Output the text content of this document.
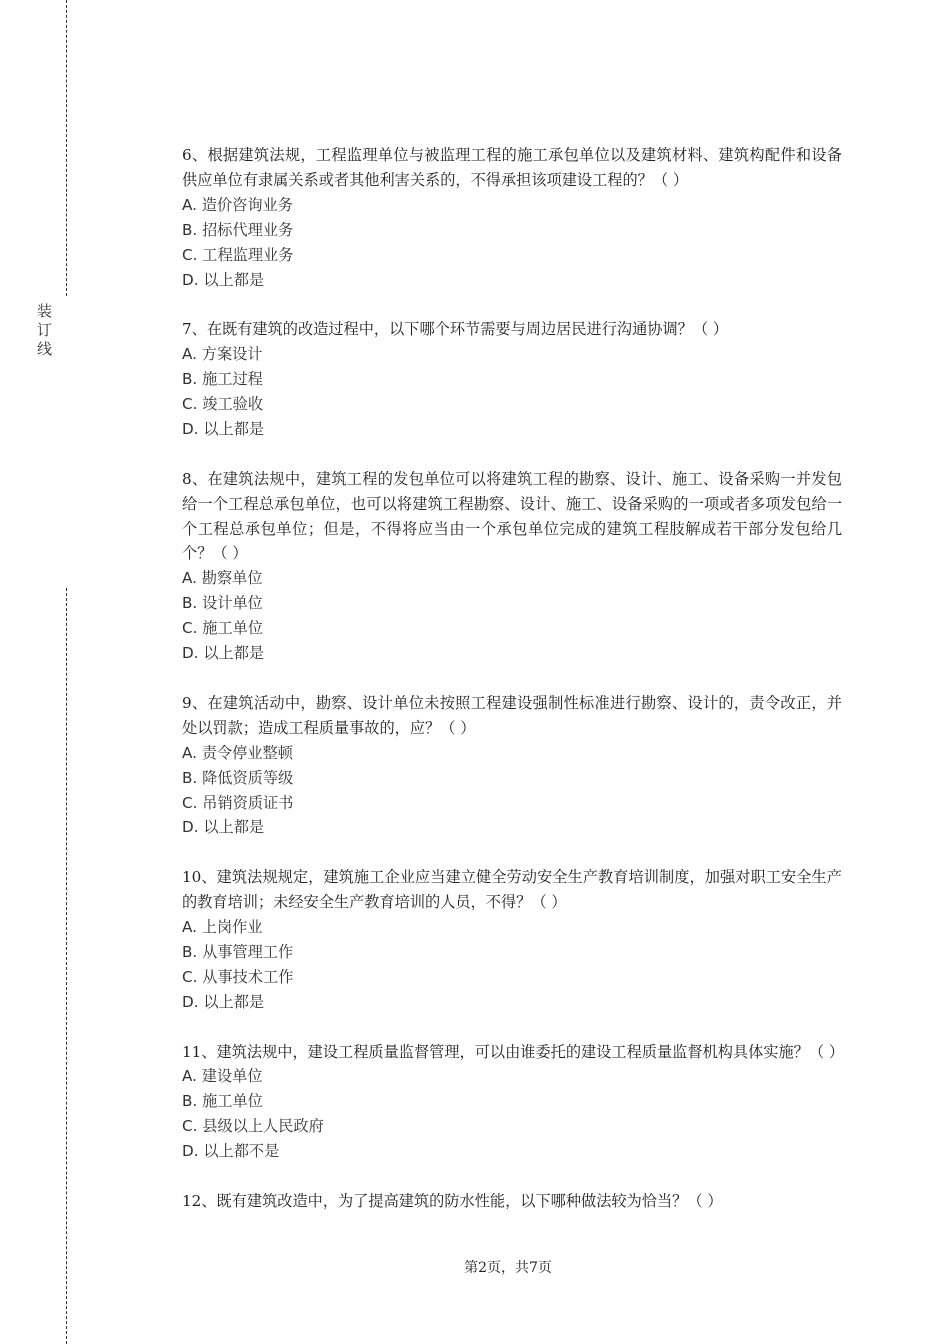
装
订
线

6、根据建筑法规，工程监理单位与被监理工程的施工承包单位以及建筑材料、建筑构配件和设备供应单位有隶属关系或者其他利害关系的，不得承担该项建设工程的？（ ）

A. 造价咨询业务

B. 招标代理业务

C. 工程监理业务

D. 以上都是

7、在既有建筑的改造过程中，以下哪个环节需要与周边居民进行沟通协调？（ ）

A. 方案设计

B. 施工过程

C. 竣工验收

D. 以上都是

8、在建筑法规中，建筑工程的发包单位可以将建筑工程的勘察、设计、施工、设备采购一并发包给一个工程总承包单位，也可以将建筑工程勘察、设计、施工、设备采购的一项或者多项发包给一个工程总承包单位；但是，不得将应当由一个承包单位完成的建筑工程肢解成若干部分发包给几个？（ ）

A. 勘察单位

B. 设计单位

C. 施工单位

D. 以上都是

9、在建筑活动中，勘察、设计单位未按照工程建设强制性标准进行勘察、设计的，责令改正，并处以罚款；造成工程质量事故的，应？（ ）

A. 责令停业整顿

B. 降低资质等级

C. 吊销资质证书

D. 以上都是

10、建筑法规规定，建筑施工企业应当建立健全劳动安全生产教育培训制度，加强对职工安全生产的教育培训；未经安全生产教育培训的人员，不得？（ ）

A. 上岗作业

B. 从事管理工作

C. 从事技术工作

D. 以上都是

11、建筑法规中，建设工程质量监督管理，可以由谁委托的建设工程质量监督机构具体实施？（ ）

A. 建设单位

B. 施工单位

C. 县级以上人民政府

D. 以上都不是

12、既有建筑改造中，为了提高建筑的防水性能，以下哪种做法较为恰当？（ ）

第2页，共7页
